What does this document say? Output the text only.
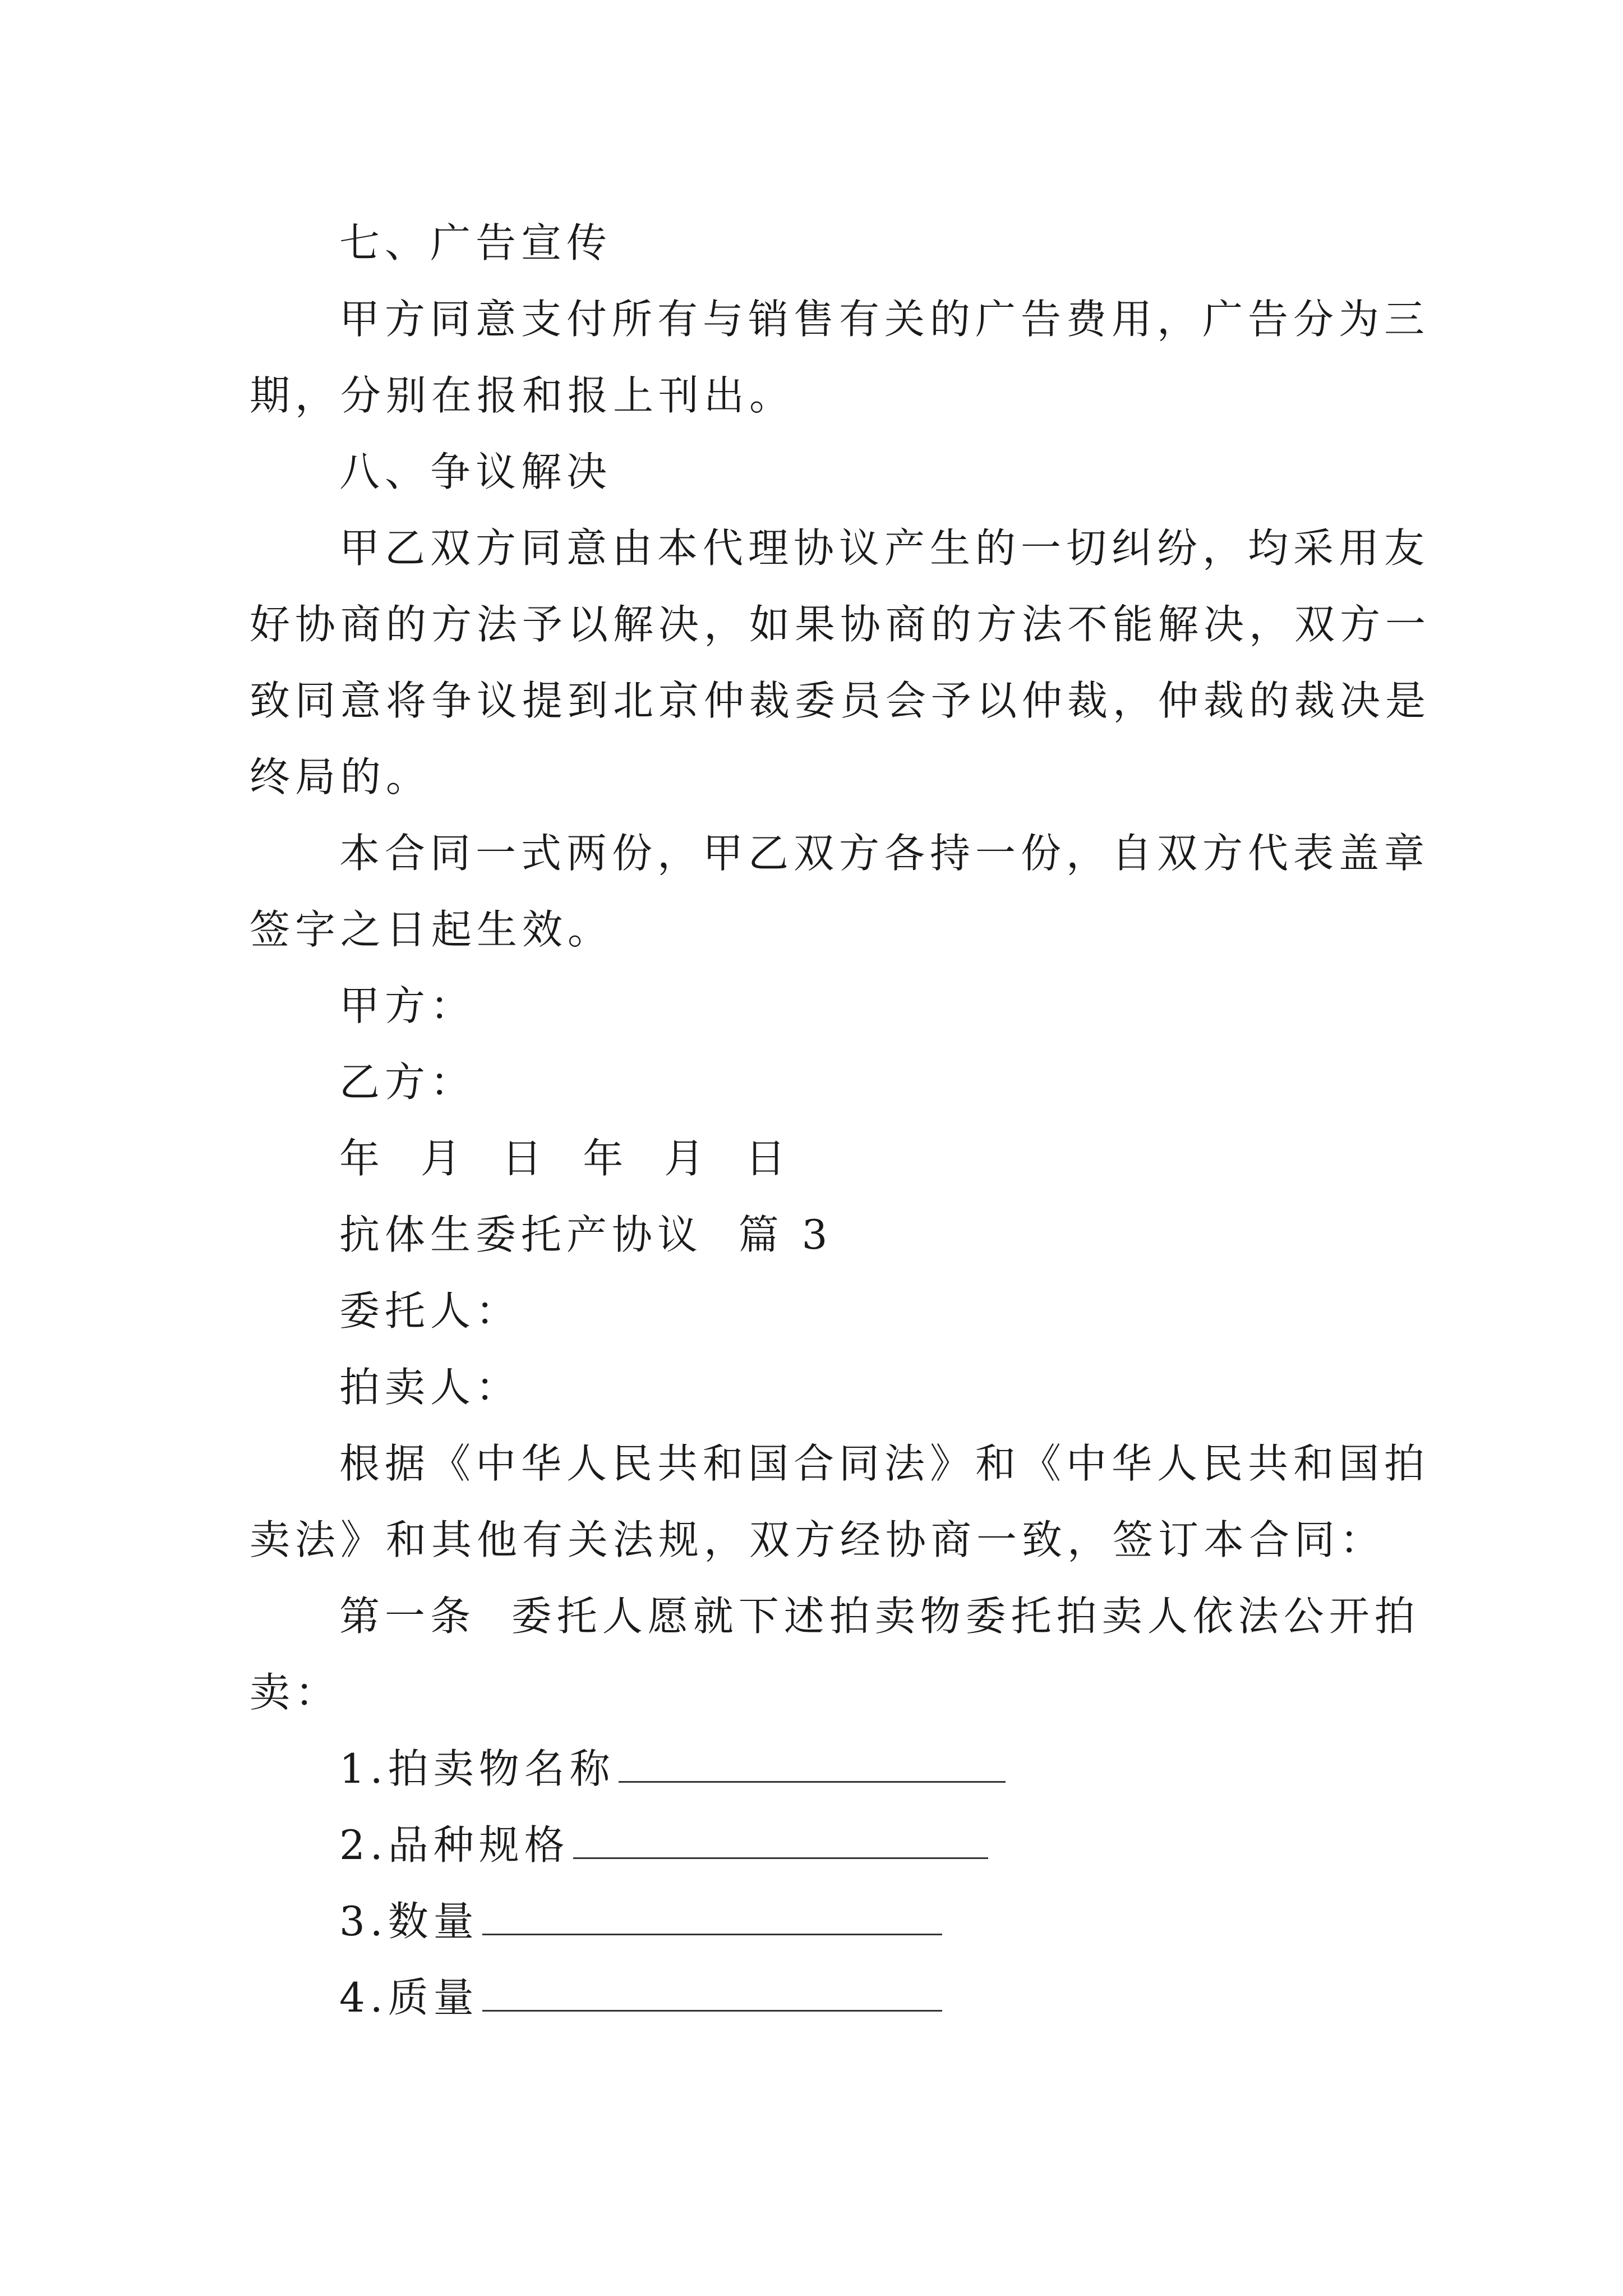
七、广告宣传
甲方同意支付所有与销售有关的广告费用，广告分为三
期，分别在报和报上刊出。
八、争议解决
甲乙双方同意由本代理协议产生的一切纠纷，均采用友
好协商的方法予以解决，如果协商的方法不能解决，双方一
致同意将争议提到北京仲裁委员会予以仲裁，仲裁的裁决是
终局的。
本合同一式两份，甲乙双方各持一份，自双方代表盖章
签字之日起生效。
甲方：
乙方：
年  月  日  年  月  日
抗体生委托产协议  篇 3
委托人：
拍卖人：
根据《中华人民共和国合同法》和《中华人民共和国拍
卖法》和其他有关法规，双方经协商一致，签订本合同：
第一条  委托人愿就下述拍卖物委托拍卖人依法公开拍
卖：
1.拍卖物名称
2.品种规格
3.数量
4.质量
